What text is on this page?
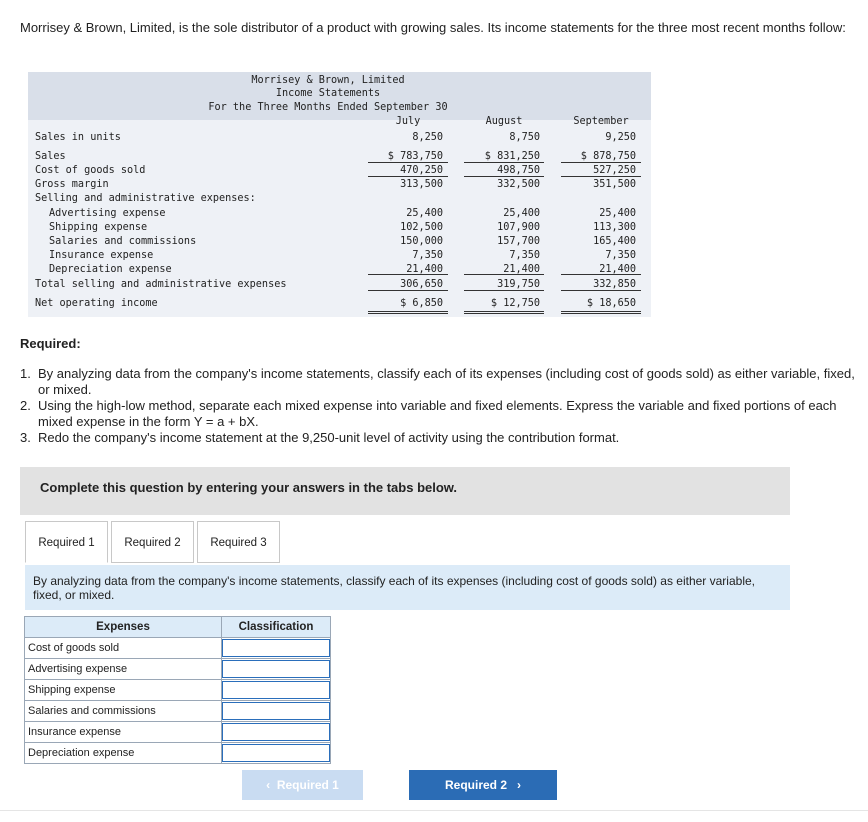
Morrisey & Brown, Limited, is the sole distributor of a product with growing sales. Its income statements for the three most recent months follow:
Morrisey & Brown, Limited
Income Statements
For the Three Months Ended September 30
July	August	September
Sales in units	8,250	8,750	9,250
Sales	$ 783,750	$ 831,250	$ 878,750
Cost of goods sold	470,250	498,750	527,250
Gross margin	313,500	332,500	351,500
Selling and administrative expenses:
Advertising expense	25,400	25,400	25,400
Shipping expense	102,500	107,900	113,300
Salaries and commissions	150,000	157,700	165,400
Insurance expense	7,350	7,350	7,350
Depreciation expense	21,400	21,400	21,400
Total selling and administrative expenses	306,650	319,750	332,850
Net operating income	$ 6,850	$ 12,750	$ 18,650
Required:
1. By analyzing data from the company's income statements, classify each of its expenses (including cost of goods sold) as either variable, fixed, or mixed.
2. Using the high-low method, separate each mixed expense into variable and fixed elements. Express the variable and fixed portions of each mixed expense in the form Y = a + bX.
3. Redo the company's income statement at the 9,250-unit level of activity using the contribution format.
Complete this question by entering your answers in the tabs below.
Required 1	Required 2	Required 3
By analyzing data from the company's income statements, classify each of its expenses (including cost of goods sold) as either variable, fixed, or mixed.
Expenses	Classification
Cost of goods sold	

Advertising expense	

Shipping expense	

Salaries and commissions	

Insurance expense	

Depreciation expense	
‹ Required 1	Required 2 ›
